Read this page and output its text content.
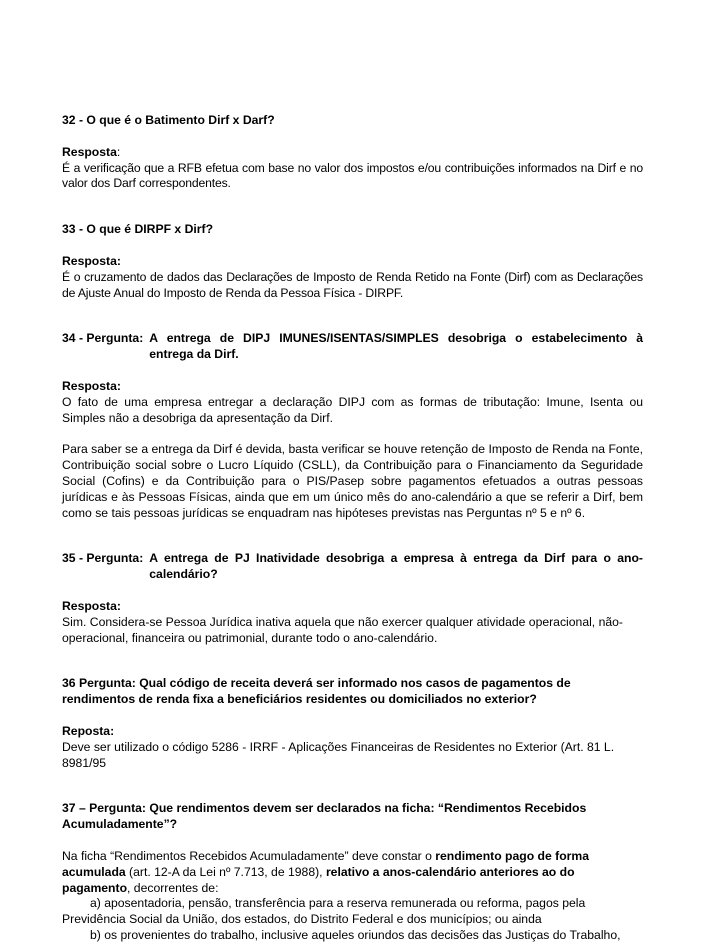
32 - O que é o Batimento Dirf x Darf?

Resposta:

É a verificação que a RFB efetua com base no valor dos impostos e/ou contribuições informados na Dirf e no valor dos Darf correspondentes.

33 - O que é DIRPF x Dirf?

Resposta:

É o cruzamento de dados das Declarações de Imposto de Renda Retido na Fonte (Dirf) com as Declarações de Ajuste Anual do Imposto de Renda da Pessoa Física - DIRPF.

34 - Pergunta: A entrega de DIPJ IMUNES/ISENTAS/SIMPLES desobriga o estabelecimento à entrega da Dirf.

Resposta:

O fato de uma empresa entregar a declaração DIPJ com as formas de tributação: Imune, Isenta ou Simples não a desobriga da apresentação da Dirf.

Para saber se a entrega da Dirf é devida, basta verificar se houve retenção de Imposto de Renda na Fonte, Contribuição social sobre o Lucro Líquido (CSLL), da Contribuição para o Financiamento da Seguridade Social (Cofins) e da Contribuição para o PIS/Pasep sobre pagamentos efetuados a outras pessoas jurídicas e às Pessoas Físicas, ainda que em um único mês do ano-calendário a que se referir a Dirf, bem como se tais pessoas jurídicas se enquadram nas hipóteses previstas nas Perguntas nº 5 e nº 6.

35 - Pergunta: A entrega de PJ Inatividade desobriga a empresa à entrega da Dirf para o ano-calendário?

Resposta:

Sim. Considera-se Pessoa Jurídica inativa aquela que não exercer qualquer atividade operacional, não-operacional, financeira ou patrimonial, durante todo o ano-calendário.

36 Pergunta: Qual código de receita deverá ser informado nos casos de pagamentos de rendimentos de renda fixa a beneficiários residentes ou domiciliados no exterior?

Reposta:

Deve ser utilizado o código 5286 - IRRF - Aplicações Financeiras de Residentes no Exterior (Art. 81 L. 8981/95

37 – Pergunta: Que rendimentos devem ser declarados na ficha: “Rendimentos Recebidos Acumuladamente”?

Na ficha “Rendimentos Recebidos Acumuladamente” deve constar o rendimento pago de forma acumulada (art. 12-A da Lei nº 7.713, de 1988), relativo a anos-calendário anteriores ao do pagamento, decorrentes de:

a) aposentadoria, pensão, transferência para a reserva remunerada ou reforma, pagos pela

Previdência Social da União, dos estados, do Distrito Federal e dos municípios; ou ainda

b) os provenientes do trabalho, inclusive aqueles oriundos das decisões das Justiças do Trabalho,
